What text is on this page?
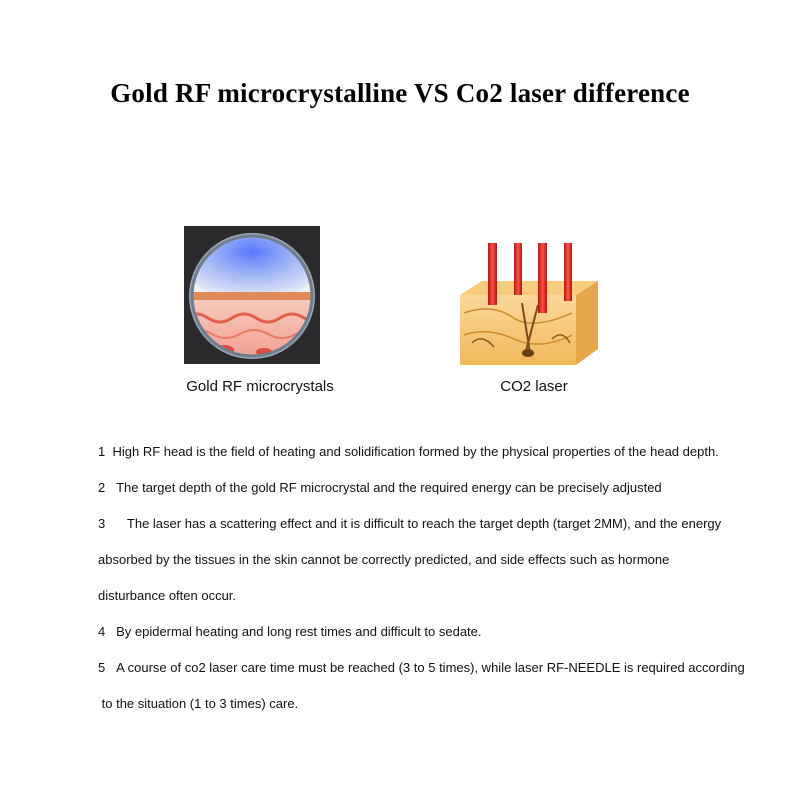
Gold RF microcrystalline VS Co2 laser difference
Gold RF microcrystals	CO2 laser
1 High RF head is the field of heating and solidification formed by the physical properties of the head depth.
2 The target depth of the gold RF microcrystal and the required energy can be precisely adjusted
3 The laser has a scattering effect and it is difficult to reach the target depth (target 2MM), and the energy
absorbed by the tissues in the skin cannot be correctly predicted, and side effects such as hormone
disturbance often occur.
4 By epidermal heating and long rest times and difficult to sedate.
5 A course of co2 laser care time must be reached (3 to 5 times), while laser RF-NEEDLE is required according
to the situation (1 to 3 times) care.
